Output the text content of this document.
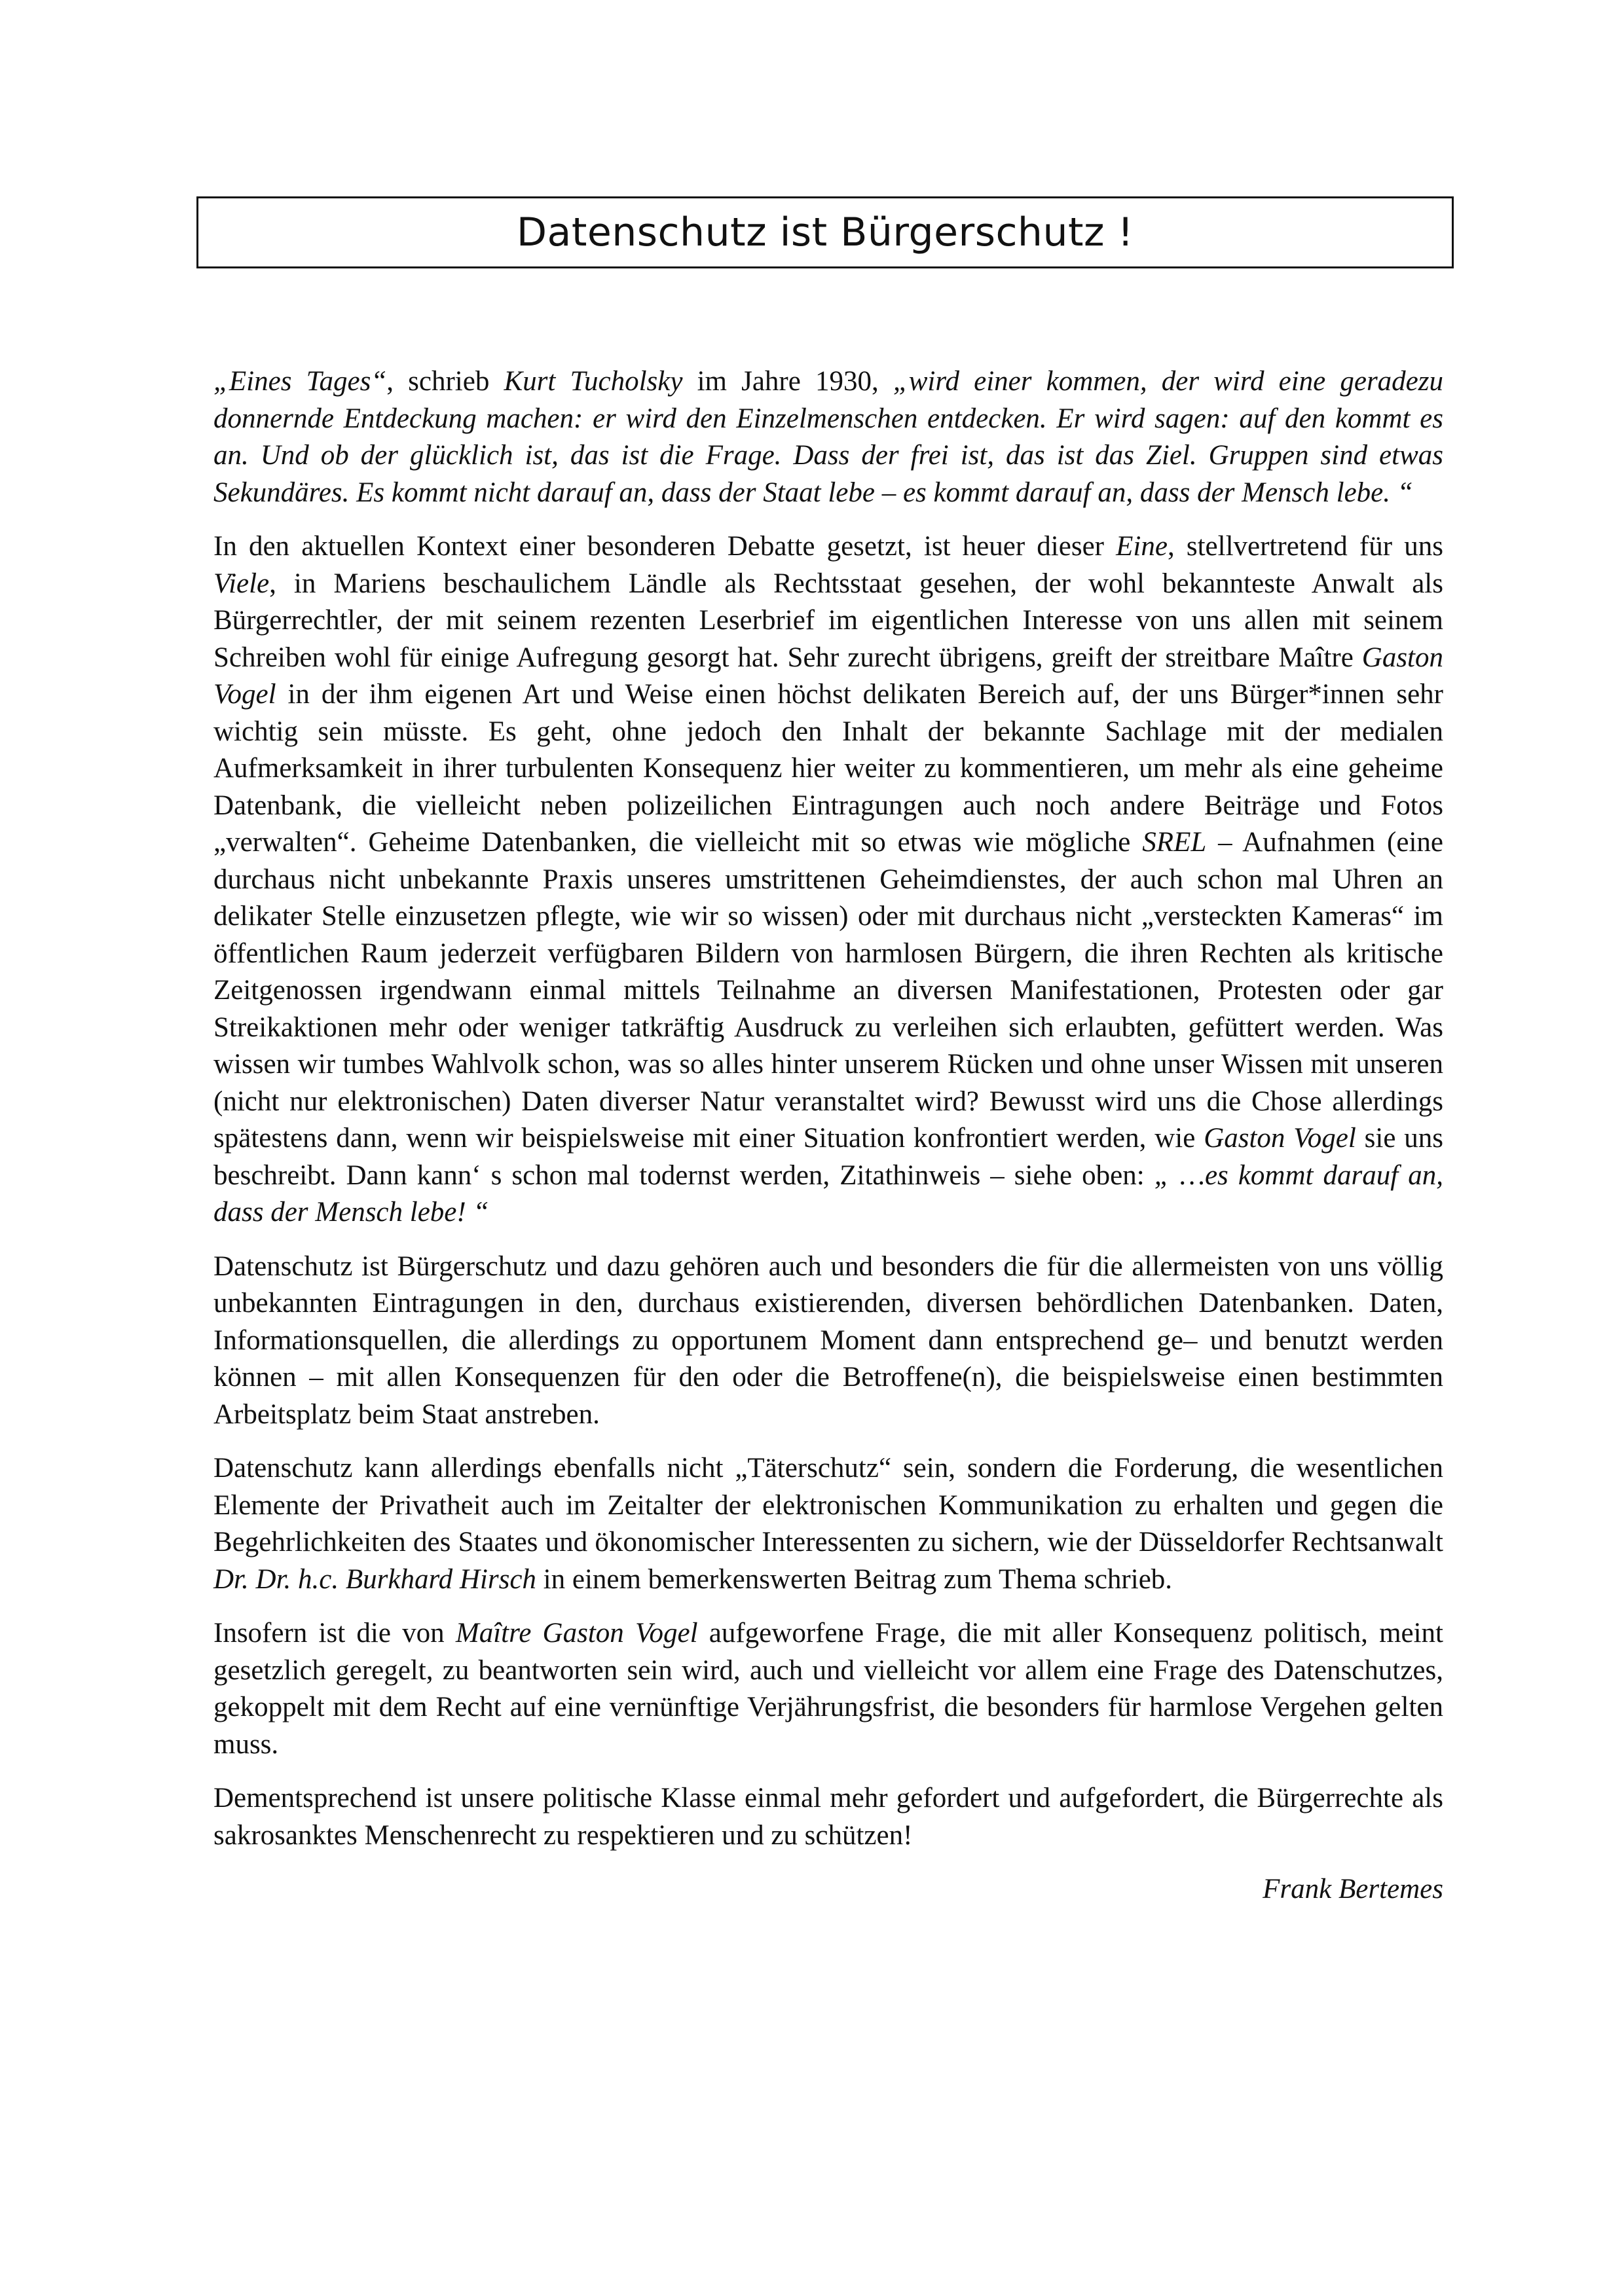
Datenschutz ist Bürgerschutz !

„Eines Tages“, schrieb Kurt Tucholsky im Jahre 1930, „wird einer kommen, der wird eine geradezu donnernde Entdeckung machen: er wird den Einzelmenschen entdecken. Er wird sagen: auf den kommt es an. Und ob der glücklich ist, das ist die Frage. Dass der frei ist, das ist das Ziel. Gruppen sind etwas Sekundäres. Es kommt nicht darauf an, dass der Staat lebe – es kommt darauf an, dass der Mensch lebe. “

In den aktuellen Kontext einer besonderen Debatte gesetzt, ist heuer dieser Eine, stellvertretend für uns Viele, in Mariens beschaulichem Ländle als Rechtsstaat gesehen, der wohl bekannteste Anwalt als Bürgerrechtler, der mit seinem rezenten Leserbrief im eigentlichen Interesse von uns allen mit seinem Schreiben wohl für einige Aufregung gesorgt hat. Sehr zurecht übrigens, greift der streitbare Maître Gaston Vogel in der ihm eigenen Art und Weise einen höchst delikaten Bereich auf, der uns Bürger*innen sehr wichtig sein müsste. Es geht, ohne jedoch den Inhalt der bekannte Sachlage mit der medialen Aufmerksamkeit in ihrer turbulenten Konsequenz hier weiter zu kommentieren, um mehr als eine geheime Datenbank, die vielleicht neben polizeilichen Eintragungen auch noch andere Beiträge und Fotos „verwalten“. Geheime Datenbanken, die vielleicht mit so etwas wie mögliche SREL – Aufnahmen (eine durchaus nicht unbekannte Praxis unseres umstrittenen Geheimdienstes, der auch schon mal Uhren an delikater Stelle einzusetzen pflegte, wie wir so wissen) oder mit durchaus nicht „versteckten Kameras“ im öffentlichen Raum jederzeit verfügbaren Bildern von harmlosen Bürgern, die ihren Rechten als kritische Zeitgenossen irgendwann einmal mittels Teilnahme an diversen Manifestationen, Protesten oder gar Streikaktionen mehr oder weniger tatkräftig Ausdruck zu verleihen sich erlaubten, gefüttert werden. Was wissen wir tumbes Wahlvolk schon, was so alles hinter unserem Rücken und ohne unser Wissen mit unseren (nicht nur elektronischen) Daten diverser Natur veranstaltet wird? Bewusst wird uns die Chose allerdings spätestens dann, wenn wir beispielsweise mit einer Situation konfrontiert werden, wie Gaston Vogel sie uns beschreibt. Dann kann‘ s schon mal todernst werden, Zitathinweis – siehe oben: „ …es kommt darauf an, dass der Mensch lebe! “

Datenschutz ist Bürgerschutz und dazu gehören auch und besonders die für die allermeisten von uns völlig unbekannten Eintragungen in den, durchaus existierenden, diversen behördlichen Datenbanken. Daten, Informationsquellen, die allerdings zu opportunem Moment dann entsprechend ge– und benutzt werden können – mit allen Konsequenzen für den oder die Betroffene(n), die beispielsweise einen bestimmten Arbeitsplatz beim Staat anstreben.

Datenschutz kann allerdings ebenfalls nicht „Täterschutz“ sein, sondern die Forderung, die wesentlichen Elemente der Privatheit auch im Zeitalter der elektronischen Kommunikation zu erhalten und gegen die Begehrlichkeiten des Staates und ökonomischer Interessenten zu sichern, wie der Düsseldorfer Rechtsanwalt Dr. Dr. h.c. Burkhard Hirsch in einem bemerkenswerten Beitrag zum Thema schrieb.

Insofern ist die von Maître Gaston Vogel aufgeworfene Frage, die mit aller Konsequenz politisch, meint gesetzlich geregelt, zu beantworten sein wird, auch und vielleicht vor allem eine Frage des Datenschutzes, gekoppelt mit dem Recht auf eine vernünftige Verjährungsfrist, die besonders für harmlose Vergehen gelten muss.

Dementsprechend ist unsere politische Klasse einmal mehr gefordert und aufgefordert, die Bürgerrechte als sakrosanktes Menschenrecht zu respektieren und zu schützen!

Frank Bertemes
